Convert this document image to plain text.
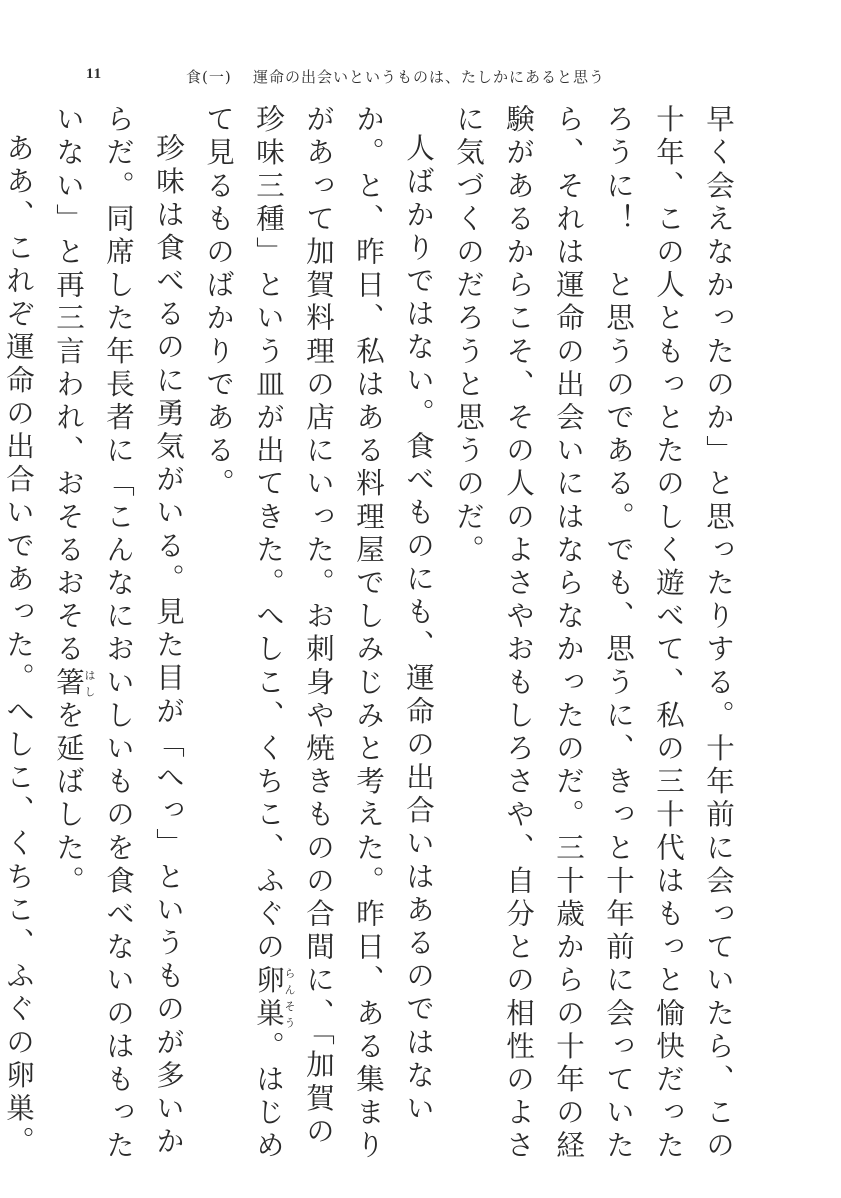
11	食(一) 運命の出会いというものは、たしかにあると思う

早く会えなかったのか」と思ったりする。十年前に会っていたら、この十年、この人ともっとたのしく遊べて、私の三十代はもっと愉快だったろうに！　と思うのである。でも、思うに、きっと十年前に会っていたら、それは運命の出会いにはならなかったのだ。三十歳からの十年の経験があるからこそ、その人のよさやおもしろさや、自分との相性のよさに気づくのだろうと思うのだ。

人ばかりではない。食べものにも、運命の出合いはあるのではないか。と、昨日、私はある料理屋でしみじみと考えた。昨日、ある集まりがあって加賀料理の店にいった。お刺身や焼きものの合間に、「加賀の珍味三種」という皿が出てきた。へしこ、くちこ、ふぐの卵巣らんそう。はじめて見るものばかりである。

珍味は食べるのに勇気がいる。見た目が「へっ」というものが多いからだ。同席した年長者に「こんなにおいしいものを食べないのはもったいない」と再三言われ、おそるおそる箸はしを延ばした。

ああ、これぞ運命の出合いであった。へしこ、くちこ、ふぐの卵巣。
